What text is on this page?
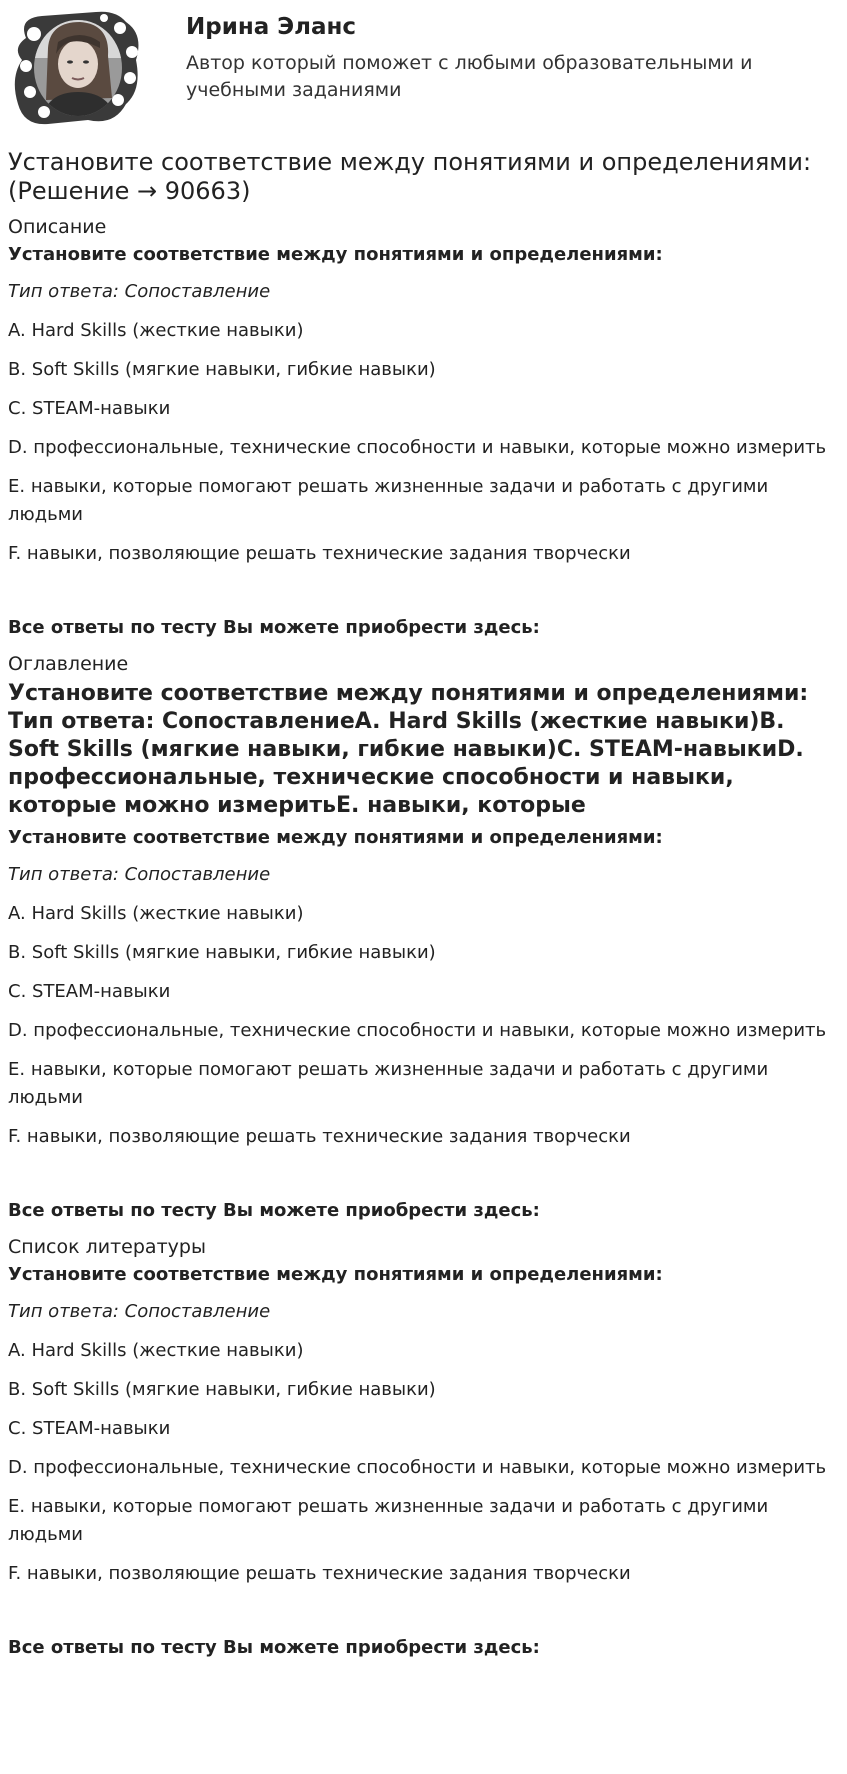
Ирина Эланс
Автор который поможет с любыми образовательными и учебными заданиями
Установите соответствие между понятиями и определениями: (Решение → 90663)
Описание
Установите соответствие между понятиями и определениями:
Тип ответа: Сопоставление
A. Hard Skills (жесткие навыки)
B. Soft Skills (мягкие навыки, гибкие навыки)
C. STEAM-навыки
D. профессиональные, технические способности и навыки, которые можно измерить
E. навыки, которые помогают решать жизненные задачи и работать с другими людьми
F. навыки, позволяющие решать технические задания творчески
Все ответы по тесту Вы можете приобрести здесь:
Оглавление
Установите соответствие между понятиями и определениями: Тип ответа: СопоставлениеA. Hard Skills (жесткие навыки)B. Soft Skills (мягкие навыки, гибкие навыки)C. STEAM-навыкиD. профессиональные, технические способности и навыки, которые можно измеритьE. навыки, которые
Установите соответствие между понятиями и определениями:
Тип ответа: Сопоставление
A. Hard Skills (жесткие навыки)
B. Soft Skills (мягкие навыки, гибкие навыки)
C. STEAM-навыки
D. профессиональные, технические способности и навыки, которые можно измерить
E. навыки, которые помогают решать жизненные задачи и работать с другими людьми
F. навыки, позволяющие решать технические задания творчески
Все ответы по тесту Вы можете приобрести здесь:
Список литературы
Установите соответствие между понятиями и определениями:
Тип ответа: Сопоставление
A. Hard Skills (жесткие навыки)
B. Soft Skills (мягкие навыки, гибкие навыки)
C. STEAM-навыки
D. профессиональные, технические способности и навыки, которые можно измерить
E. навыки, которые помогают решать жизненные задачи и работать с другими людьми
F. навыки, позволяющие решать технические задания творчески
Все ответы по тесту Вы можете приобрести здесь:
